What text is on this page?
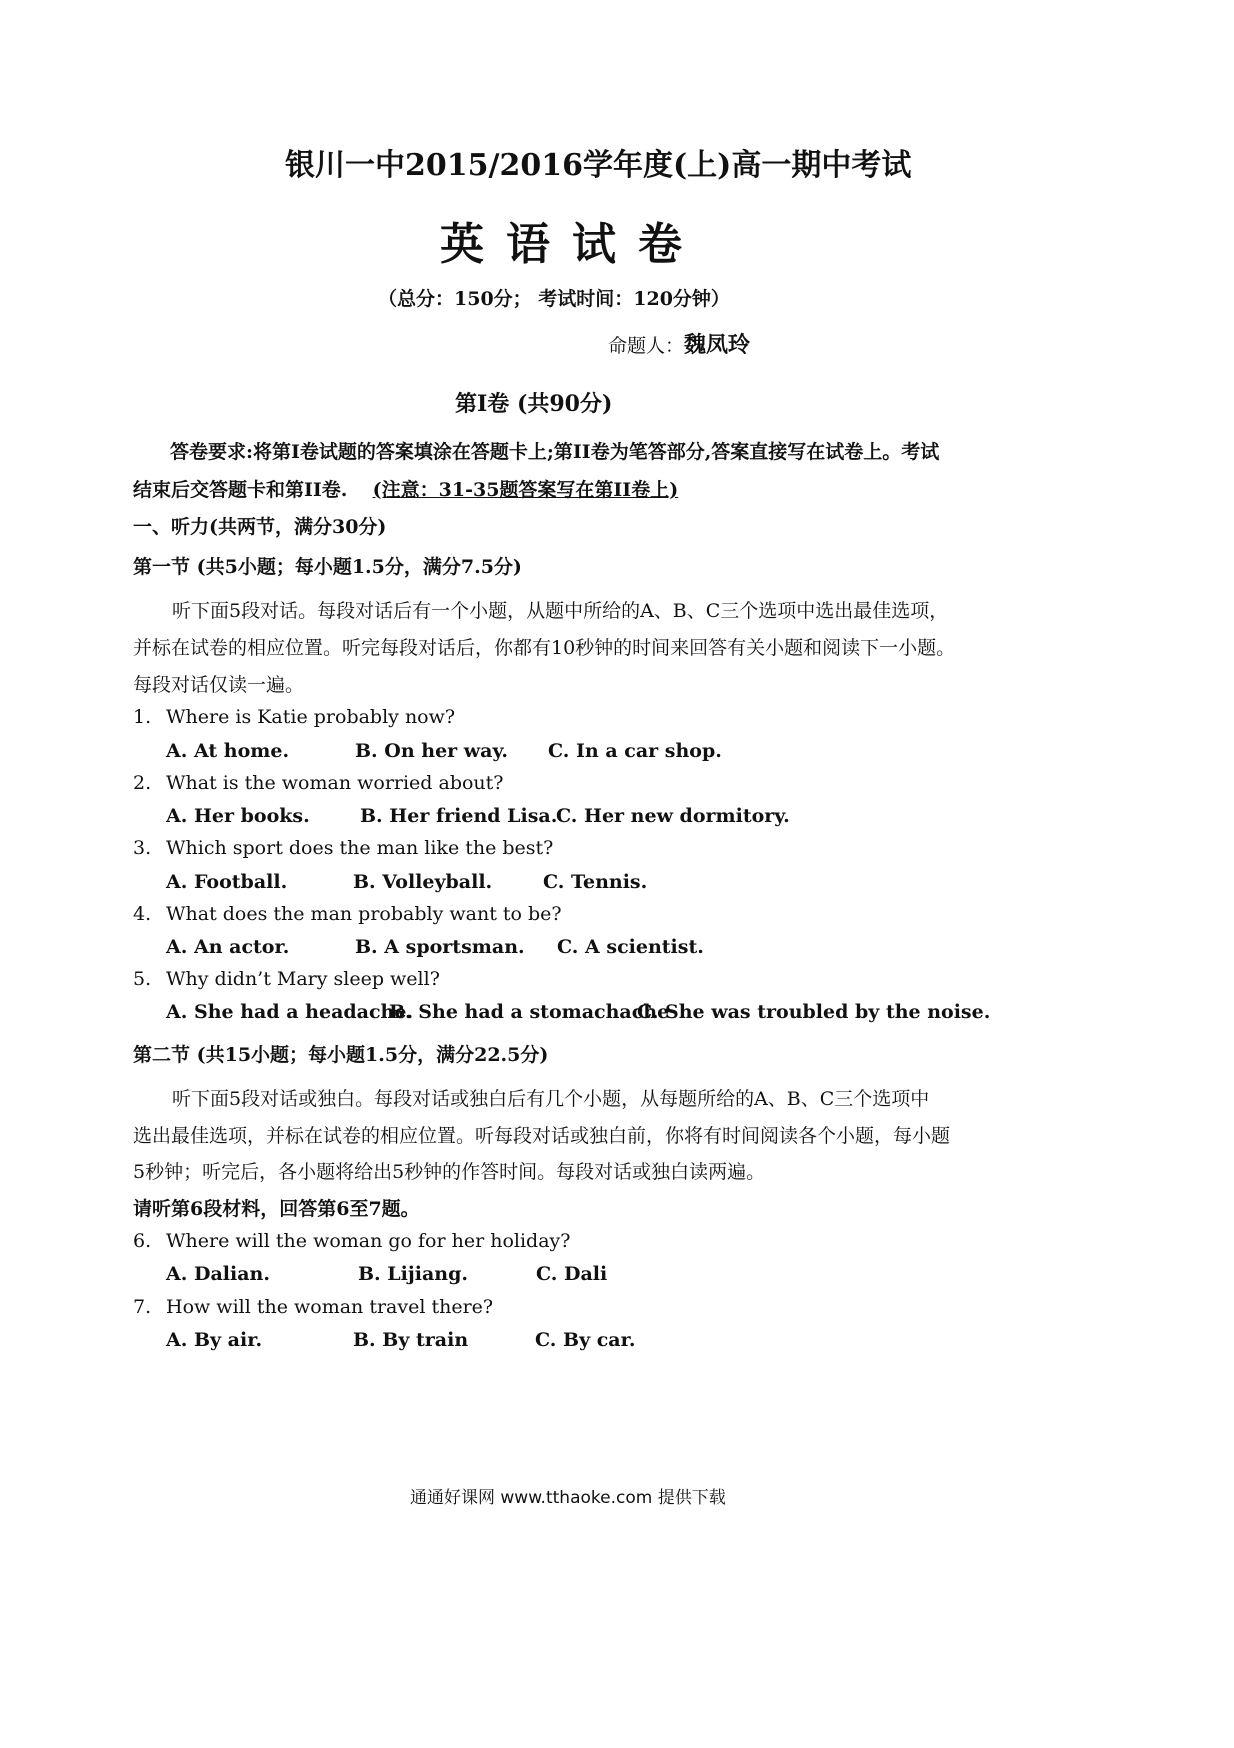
银川一中2015/2016学年度(上)高一期中考试
英语试卷
（总分：150分； 考试时间：120分钟）
命题人：魏凤玲
第I卷 (共90分)
答卷要求:将第I卷试题的答案填涂在答题卡上;第II卷为笔答部分,答案直接写在试卷上。考试
结束后交答题卡和第II卷. (注意：31-35题答案写在第II卷上)
一、听力(共两节，满分30分)
第一节 (共5小题；每小题1.5分，满分7.5分)
听下面5段对话。每段对话后有一个小题，从题中所给的A、B、C三个选项中选出最佳选项，
并标在试卷的相应位置。听完每段对话后，你都有10秒钟的时间来回答有关小题和阅读下一小题。
每段对话仅读一遍。
1. Where is Katie probably now?
A. At home.	B. On her way. C. In a car shop.
2. What is the woman worried about?
A. Her books.	B. Her friend Lisa.
C. Her new dormitory.
3. Which sport does the man like the best?
A. Football.	B. Volleyball.	C. Tennis.
4. What does the man probably want to be?
A. An actor.	B. A sportsman. C. A scientist.
5. Why didn’t Mary sleep well?
A. She had a headache.
B. She had a stomachache
C. She was troubled by the noise.
第二节 (共15小题；每小题1.5分，满分22.5分)
听下面5段对话或独白。每段对话或独白后有几个小题，从每题所给的A、B、C三个选项中
选出最佳选项，并标在试卷的相应位置。听每段对话或独白前，你将有时间阅读各个小题，每小题
5秒钟；听完后，各小题将给出5秒钟的作答时间。每段对话或独白读两遍。
请听第6段材料，回答第6至7题。
6. Where will the woman go for her holiday?
A. Dalian.	B. Lijiang.	C. Dali
7. How will the woman travel there?
A. By air.	B. By train	C. By car.
通通好课网 www.tthaoke.com 提供下载
